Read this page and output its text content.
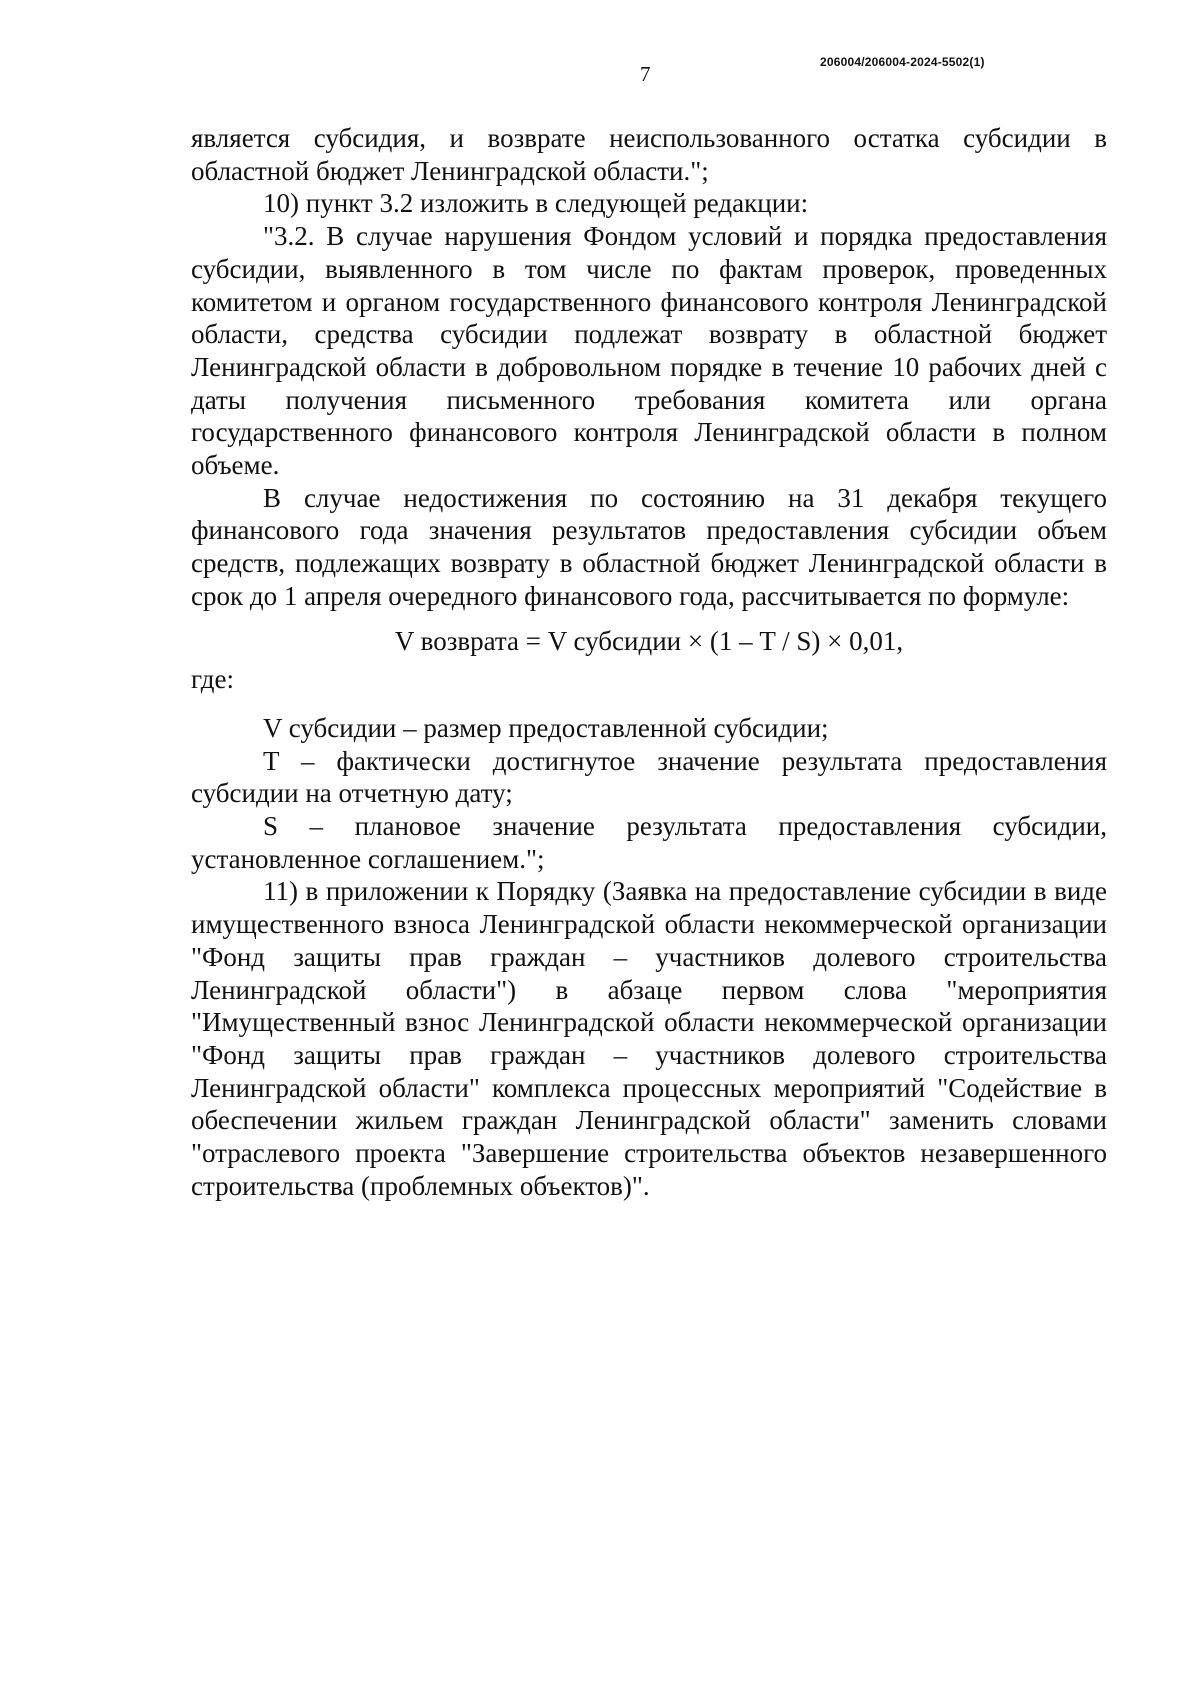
7	206004/206004-2024-5502(1)

является субсидия, и возврате неиспользованного остатка субсидии в областной бюджет Ленинградской области.";

10) пункт 3.2 изложить в следующей редакции:

"3.2. В случае нарушения Фондом условий и порядка предоставления субсидии, выявленного в том числе по фактам проверок, проведенных комитетом и органом государственного финансового контроля Ленинградской области, средства субсидии подлежат возврату в областной бюджет Ленинградской области в добровольном порядке в течение 10 рабочих дней с даты получения письменного требования комитета или органа государственного финансового контроля Ленинградской области в полном объеме.

В случае недостижения по состоянию на 31 декабря текущего финансового года значения результатов предоставления субсидии объем средств, подлежащих возврату в областной бюджет Ленинградской области в срок до 1 апреля очередного финансового года, рассчитывается по формуле:

V возврата = V субсидии × (1 – T / S) × 0,01,

где:

V субсидии – размер предоставленной субсидии;

T – фактически достигнутое значение результата предоставления субсидии на отчетную дату;

S – плановое значение результата предоставления субсидии, установленное соглашением.";

11) в приложении к Порядку (Заявка на предоставление субсидии в виде имущественного взноса Ленинградской области некоммерческой организации "Фонд защиты прав граждан – участников долевого строительства Ленинградской области") в абзаце первом слова "мероприятия "Имущественный взнос Ленинградской области некоммерческой организации "Фонд защиты прав граждан – участников долевого строительства Ленинградской области" комплекса процессных мероприятий "Содействие в обеспечении жильем граждан Ленинградской области" заменить словами "отраслевого проекта "Завершение строительства объектов незавершенного строительства (проблемных объектов)".
